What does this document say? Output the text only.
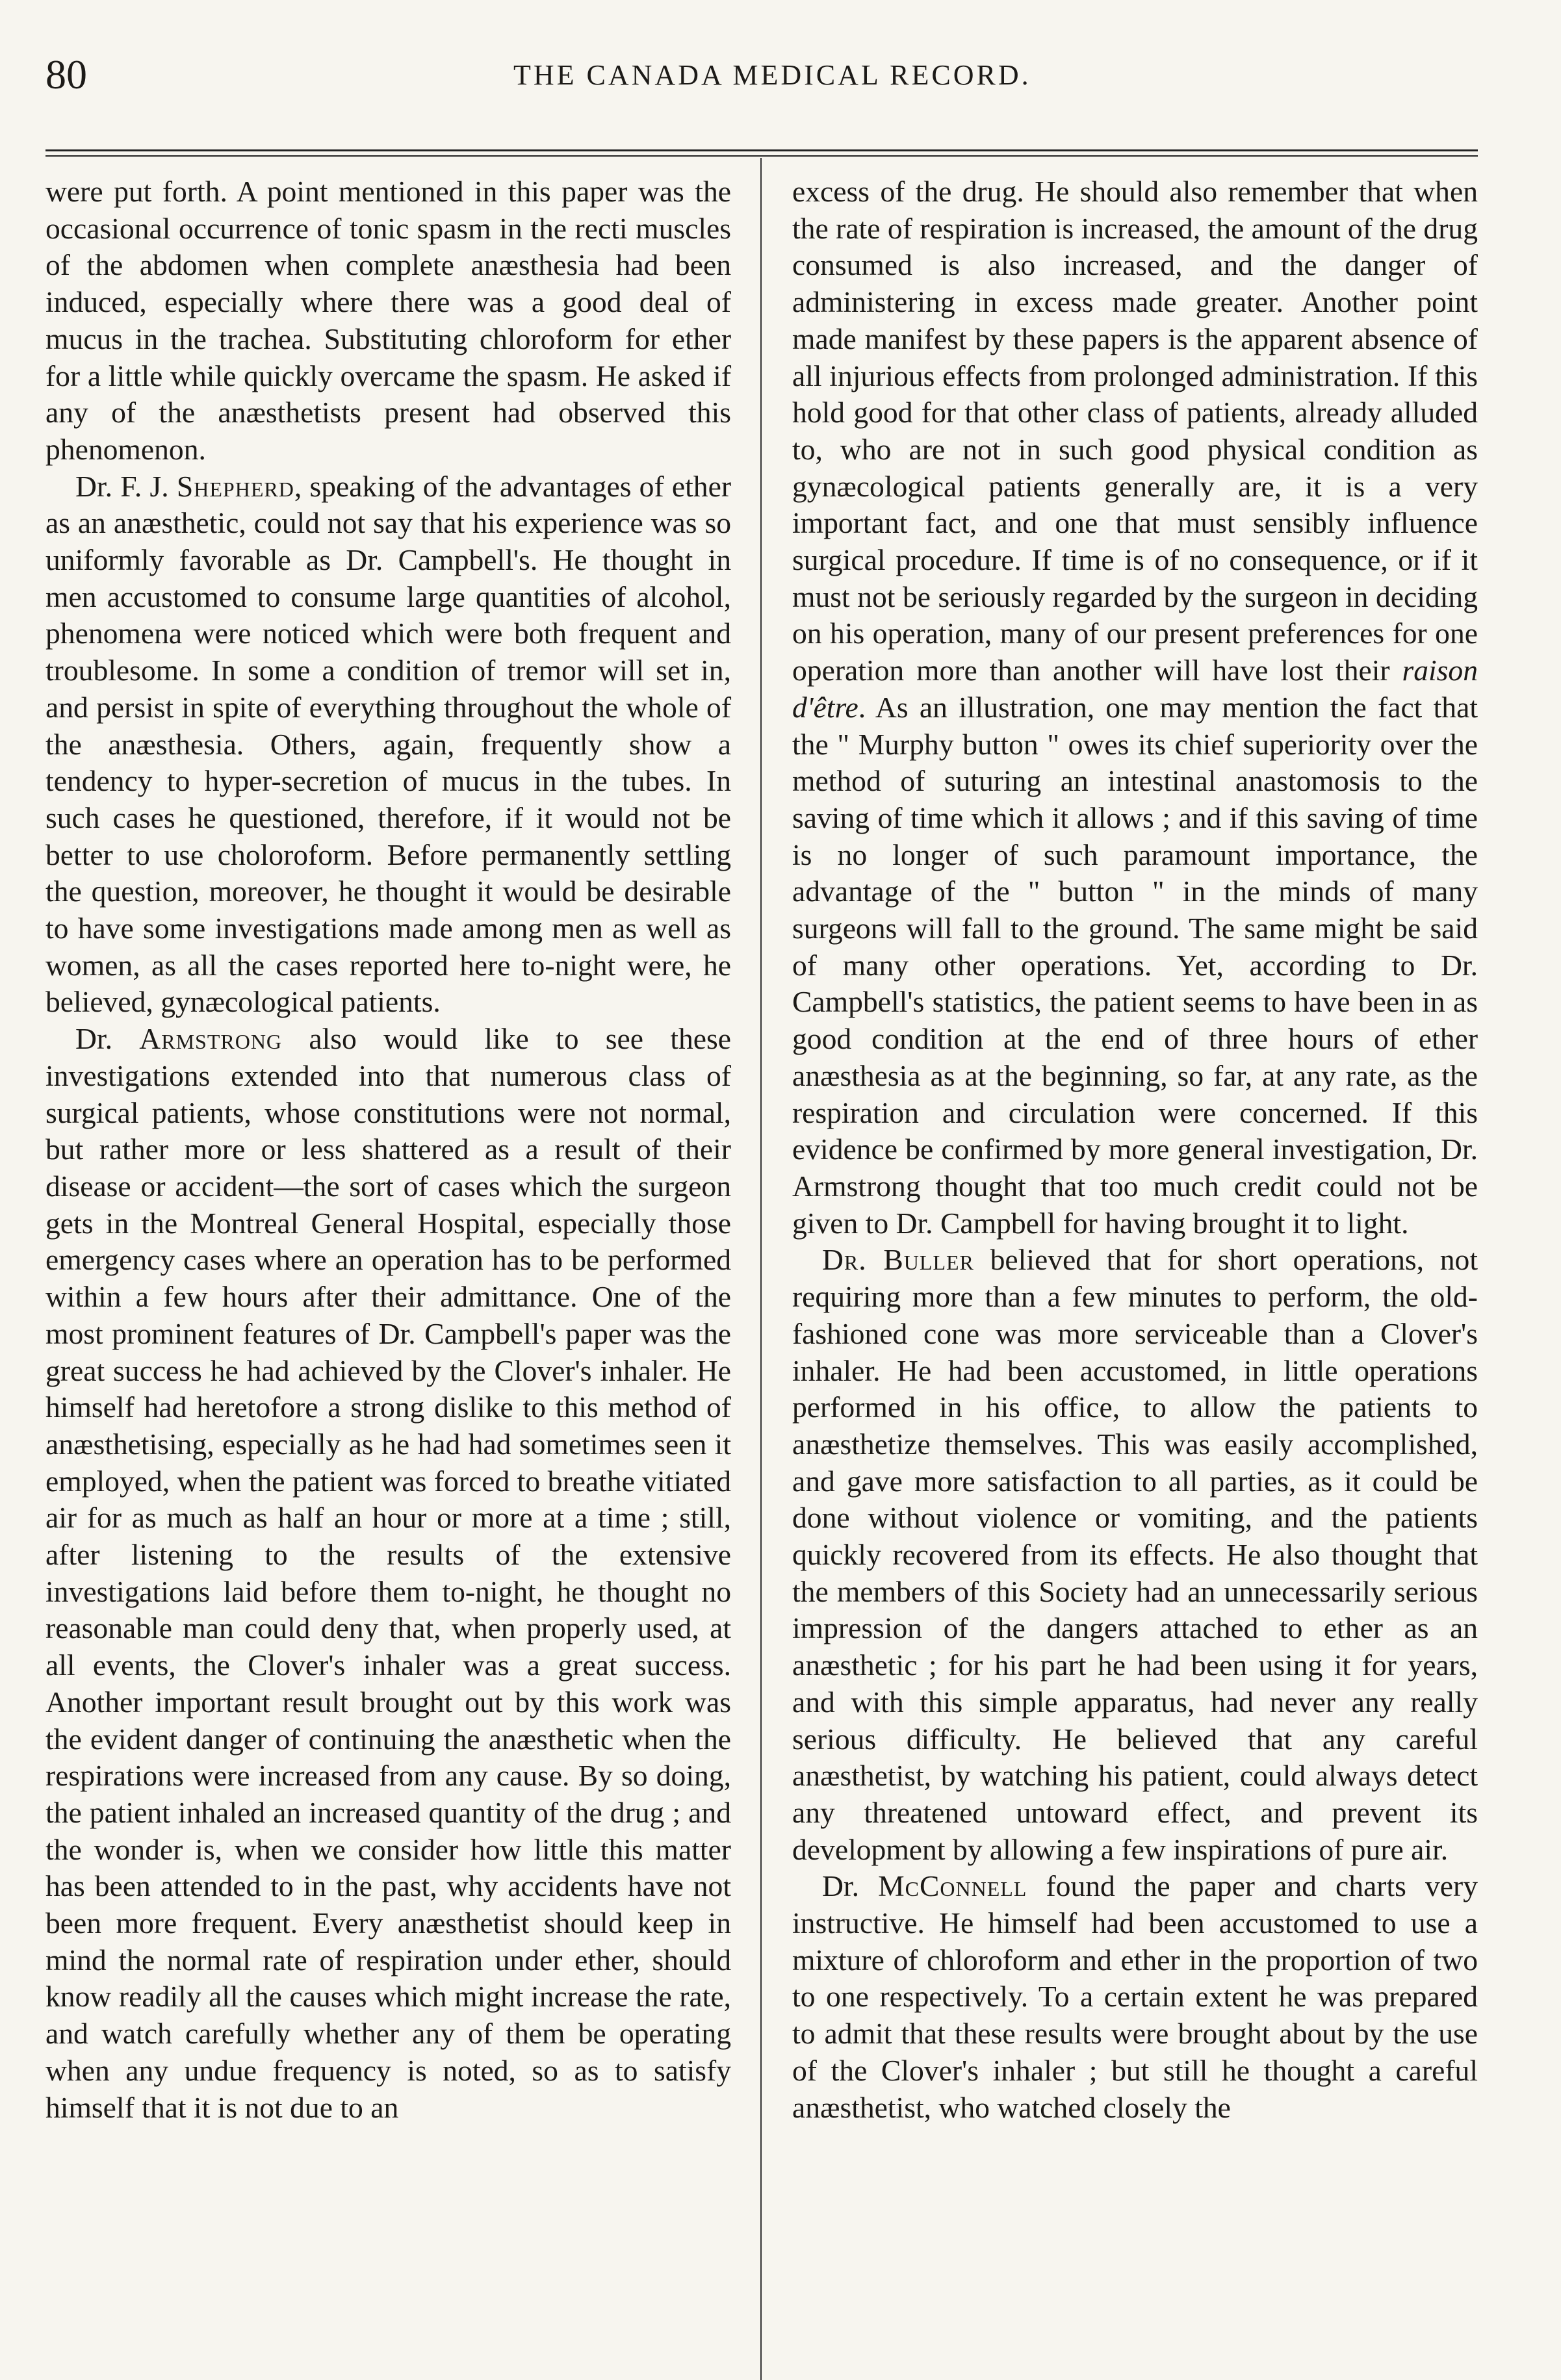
80	THE CANADA MEDICAL RECORD.

were put forth. A point mentioned in this paper was the occasional occurrence of tonic spasm in the recti muscles of the abdomen when complete anæsthesia had been induced, especially where there was a good deal of mucus in the trachea. Substituting chloroform for ether for a little while quickly overcame the spasm. He asked if any of the anæsthetists present had observed this phenomenon.

Dr. F. J. Shepherd, speaking of the advantages of ether as an anæsthetic, could not say that his experience was so uniformly favorable as Dr. Campbell's. He thought in men accustomed to consume large quantities of alcohol, phenomena were noticed which were both frequent and troublesome. In some a condition of tremor will set in, and persist in spite of everything throughout the whole of the anæsthesia. Others, again, frequently show a tendency to hyper-secretion of mucus in the tubes. In such cases he questioned, therefore, if it would not be better to use choloroform. Before permanently settling the question, moreover, he thought it would be desirable to have some investigations made among men as well as women, as all the cases reported here to-night were, he believed, gynæcological patients.

Dr. Armstrong also would like to see these investigations extended into that numerous class of surgical patients, whose constitutions were not normal, but rather more or less shattered as a result of their disease or accident—the sort of cases which the surgeon gets in the Montreal General Hospital, especially those emergency cases where an operation has to be performed within a few hours after their admittance. One of the most prominent features of Dr. Campbell's paper was the great success he had achieved by the Clover's inhaler. He himself had heretofore a strong dislike to this method of anæsthetising, especially as he had had sometimes seen it employed, when the patient was forced to breathe vitiated air for as much as half an hour or more at a time ; still, after listening to the results of the extensive investigations laid before them to-night, he thought no reasonable man could deny that, when properly used, at all events, the Clover's inhaler was a great success. Another important result brought out by this work was the evident danger of continuing the anæsthetic when the respirations were increased from any cause. By so doing, the patient inhaled an increased quantity of the drug ; and the wonder is, when we consider how little this matter has been attended to in the past, why accidents have not been more frequent. Every anæsthetist should keep in mind the normal rate of respiration under ether, should know readily all the causes which might increase the rate, and watch carefully whether any of them be operating when any undue frequency is noted, so as to satisfy himself that it is not due to an

excess of the drug. He should also remember that when the rate of respiration is increased, the amount of the drug consumed is also increased, and the danger of administering in excess made greater. Another point made manifest by these papers is the apparent absence of all injurious effects from prolonged administration. If this hold good for that other class of patients, already alluded to, who are not in such good physical condition as gynæcological patients generally are, it is a very important fact, and one that must sensibly influence surgical procedure. If time is of no consequence, or if it must not be seriously regarded by the surgeon in deciding on his operation, many of our present preferences for one operation more than another will have lost their raison d'être. As an illustration, one may mention the fact that the " Murphy button " owes its chief superiority over the method of suturing an intestinal anastomosis to the saving of time which it allows ; and if this saving of time is no longer of such paramount importance, the advantage of the " button " in the minds of many surgeons will fall to the ground. The same might be said of many other operations. Yet, according to Dr. Campbell's statistics, the patient seems to have been in as good condition at the end of three hours of ether anæsthesia as at the beginning, so far, at any rate, as the respiration and circulation were concerned. If this evidence be confirmed by more general investigation, Dr. Armstrong thought that too much credit could not be given to Dr. Campbell for having brought it to light.

Dr. Buller believed that for short operations, not requiring more than a few minutes to perform, the old-fashioned cone was more serviceable than a Clover's inhaler. He had been accustomed, in little operations performed in his office, to allow the patients to anæsthetize themselves. This was easily accomplished, and gave more satisfaction to all parties, as it could be done without violence or vomiting, and the patients quickly recovered from its effects. He also thought that the members of this Society had an unnecessarily serious impression of the dangers attached to ether as an anæsthetic ; for his part he had been using it for years, and with this simple apparatus, had never any really serious difficulty. He believed that any careful anæsthetist, by watching his patient, could always detect any threatened untoward effect, and prevent its development by allowing a few inspirations of pure air.

Dr. McConnell found the paper and charts very instructive. He himself had been accustomed to use a mixture of chloroform and ether in the proportion of two to one respectively. To a certain extent he was prepared to admit that these results were brought about by the use of the Clover's inhaler ; but still he thought a careful anæsthetist, who watched closely the
